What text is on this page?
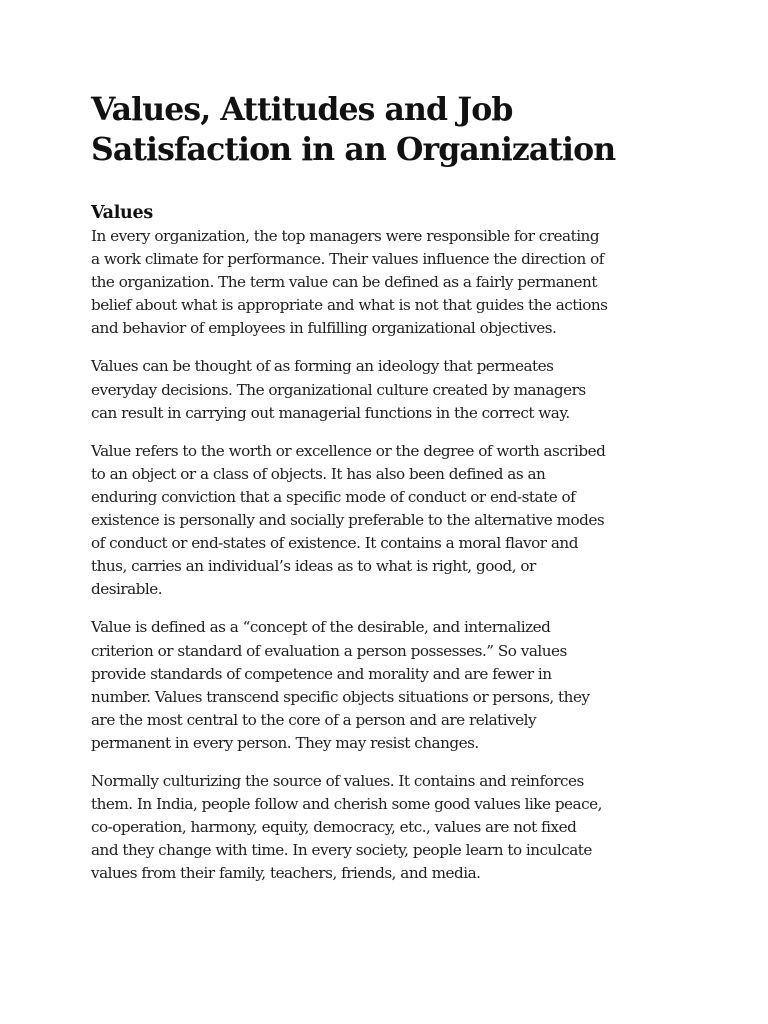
Values, Attitudes and Job
Satisfaction in an Organization
Values

In every organization, the top managers were responsible for creating
a work climate for performance. Their values influence the direction of
the organization. The term value can be defined as a fairly permanent
belief about what is appropriate and what is not that guides the actions
and behavior of employees in fulfilling organizational objectives.

Values can be thought of as forming an ideology that permeates
everyday decisions. The organizational culture created by managers
can result in carrying out managerial functions in the correct way.

Value refers to the worth or excellence or the degree of worth ascribed
to an object or a class of objects. It has also been defined as an
enduring conviction that a specific mode of conduct or end-state of
existence is personally and socially preferable to the alternative modes
of conduct or end-states of existence. It contains a moral flavor and
thus, carries an individual’s ideas as to what is right, good, or
desirable.

Value is defined as a “concept of the desirable, and internalized
criterion or standard of evaluation a person possesses.” So values
provide standards of competence and morality and are fewer in
number. Values transcend specific objects situations or persons, they
are the most central to the core of a person and are relatively
permanent in every person. They may resist changes.

Normally culturizing the source of values. It contains and reinforces
them. In India, people follow and cherish some good values like peace,
co-operation, harmony, equity, democracy, etc., values are not fixed
and they change with time. In every society, people learn to inculcate
values from their family, teachers, friends, and media.
